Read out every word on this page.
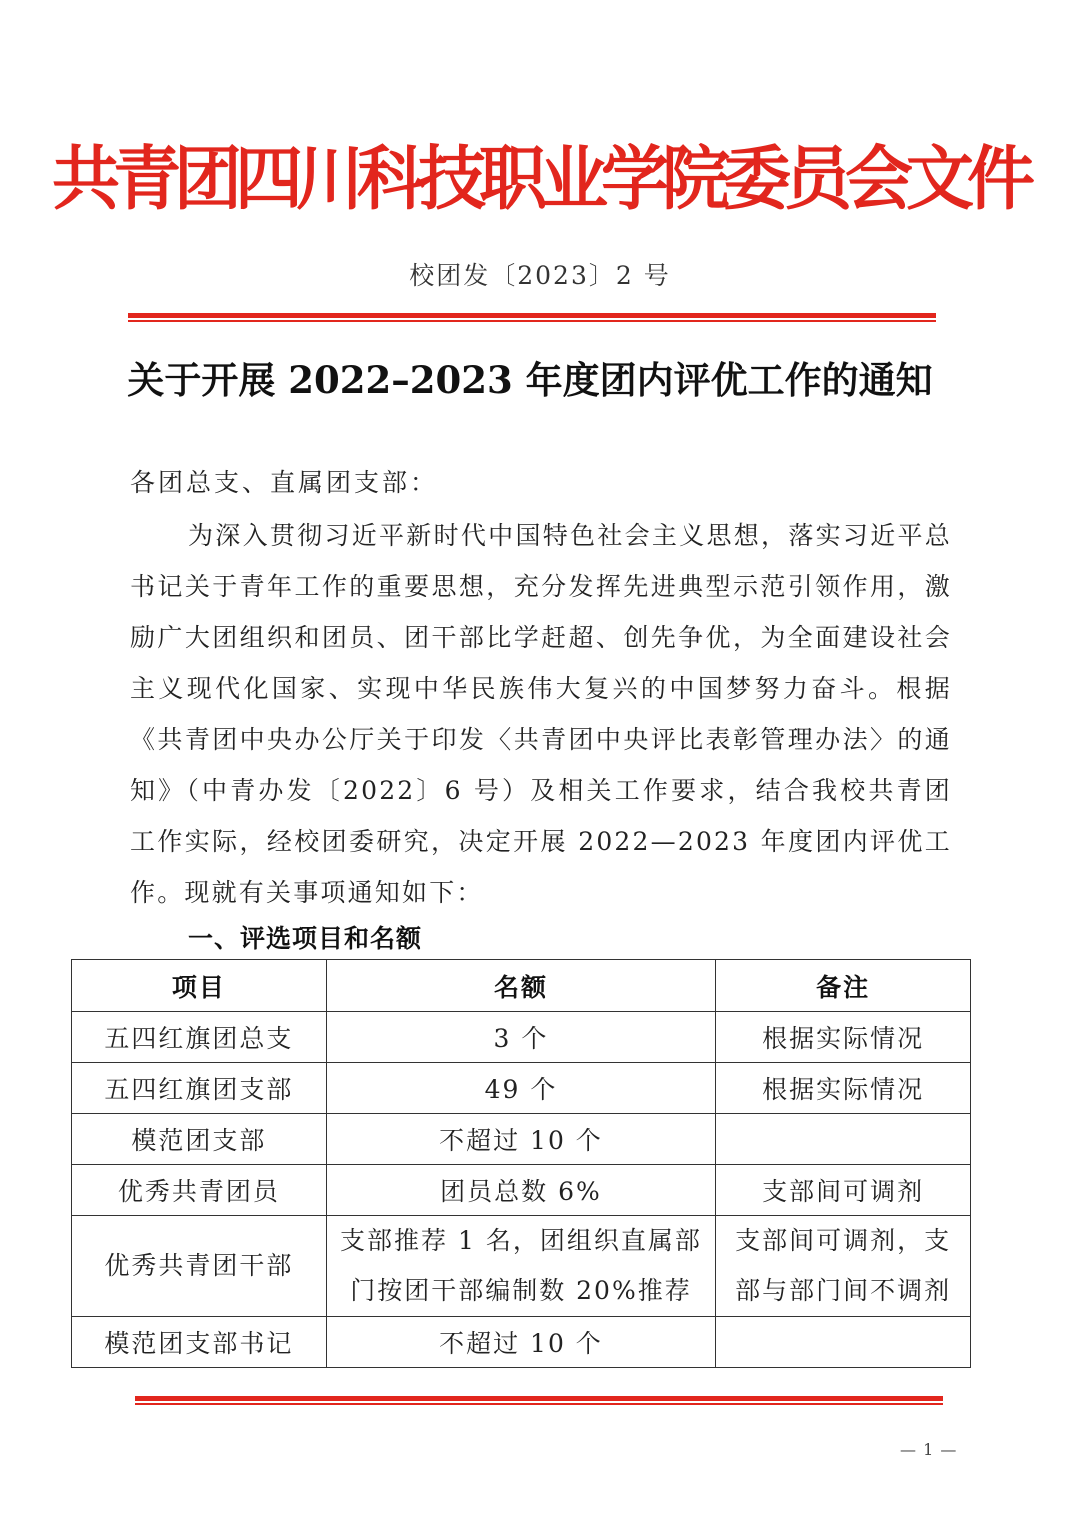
共青团四川科技职业学院委员会文件
校团发〔2023〕2 号
关于开展 2022–2023 年度团内评优工作的通知
各团总支、直属团支部：
为深入贯彻习近平新时代中国特色社会主义思想，落实习近平总书记关于青年工作的重要思想，充分发挥先进典型示范引领作用，激励广大团组织和团员、团干部比学赶超、创先争优，为全面建设社会主义现代化国家、实现中华民族伟大复兴的中国梦努力奋斗。根据《共青团中央办公厅关于印发〈共青团中央评比表彰管理办法〉的通知》（中青办发〔2022〕6 号）及相关工作要求，结合我校共青团工作实际，经校团委研究，决定开展 2022—2023 年度团内评优工作。现就有关事项通知如下：
一、评选项目和名额
项目	名额	备注
五四红旗团总支	3 个	根据实际情况
五四红旗团支部	49 个	根据实际情况
模范团支部	不超过 10 个	
优秀共青团员	团员总数 6%	支部间可调剂
优秀共青团干部	支部推荐 1 名，团组织直属部门按团干部编制数 20%推荐	支部间可调剂，支部与部门间不调剂
模范团支部书记	不超过 10 个	
— 1 —
